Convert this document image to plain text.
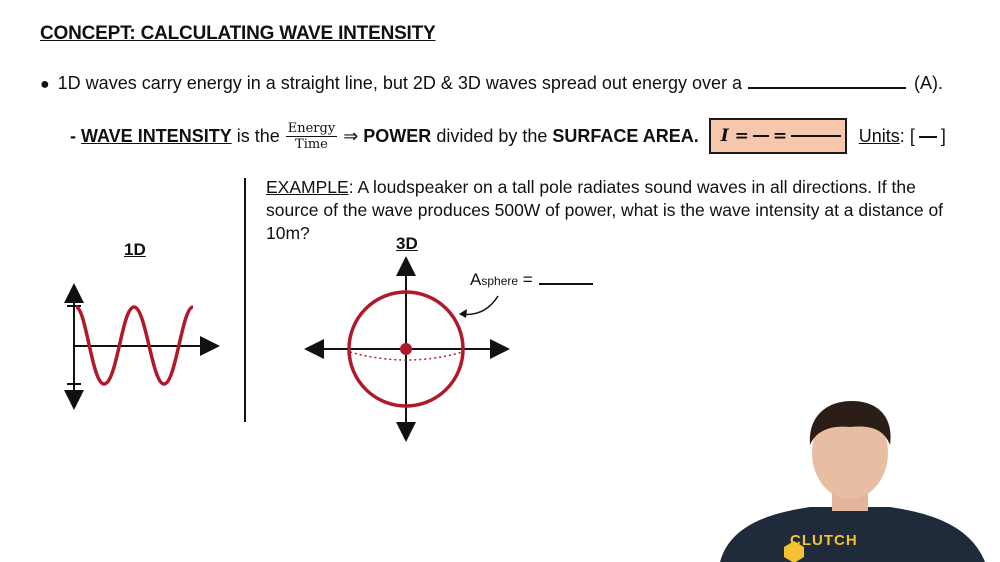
CONCEPT: CALCULATING WAVE INTENSITY
● 1D waves carry energy in a straight line, but 2D & 3D waves spread out energy over a	(A).
-
WAVE INTENSITY
is the $\frac{\text{Energy}}{\text{Time}}$ ⇒
POWER
divided by the
SURFACE AREA. I
= =	Units: [ ]
EXAMPLE: A loudspeaker on a tall pole radiates sound waves in all directions. If the source of the wave produces 500W of power, what is the wave intensity at a distance of 10m?
1D	3D
A sphere
=
CLUTCH
